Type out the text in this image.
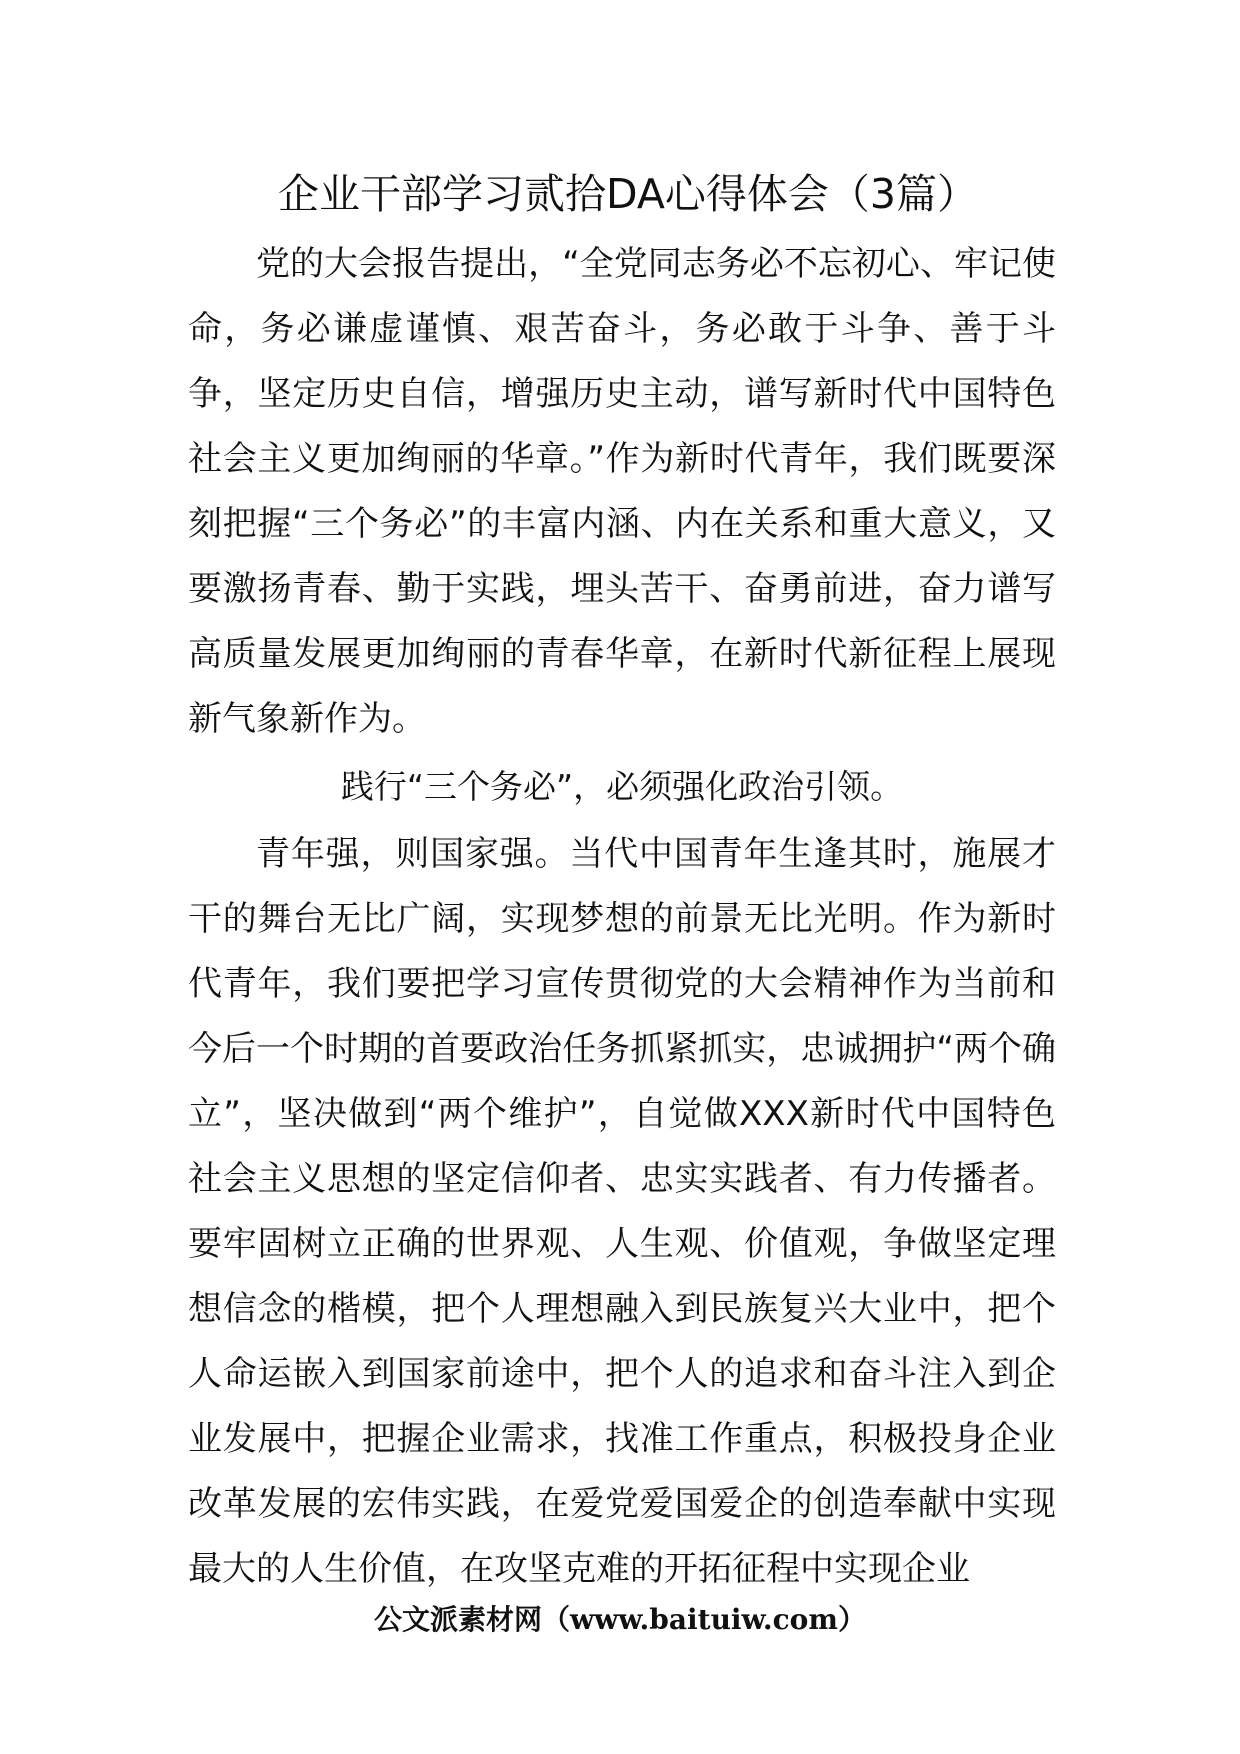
企业干部学习贰拾DA心得体会（3篇）

党的大会报告提出，“全党同志务必不忘初心、牢记使命，务必谦虚谨慎、艰苦奋斗，务必敢于斗争、善于斗争，坚定历史自信，增强历史主动，谱写新时代中国特色社会主义更加绚丽的华章。”作为新时代青年，我们既要深刻把握“三个务必”的丰富内涵、内在关系和重大意义，又要激扬青春、勤于实践，埋头苦干、奋勇前进，奋力谱写高质量发展更加绚丽的青春华章，在新时代新征程上展现新气象新作为。

践行“三个务必”，必须强化政治引领。

青年强，则国家强。当代中国青年生逢其时，施展才干的舞台无比广阔，实现梦想的前景无比光明。作为新时代青年，我们要把学习宣传贯彻党的大会精神作为当前和今后一个时期的首要政治任务抓紧抓实，忠诚拥护“两个确立”，坚决做到“两个维护”，自觉做XXX新时代中国特色社会主义思想的坚定信仰者、忠实实践者、有力传播者。要牢固树立正确的世界观、人生观、价值观，争做坚定理想信念的楷模，把个人理想融入到民族复兴大业中，把个人命运嵌入到国家前途中，把个人的追求和奋斗注入到企业发展中，把握企业需求，找准工作重点，积极投身企业改革发展的宏伟实践，在爱党爱国爱企的创造奉献中实现最大的人生价值，在攻坚克难的开拓征程中实现企业

公文派素材网（www.baituiw.com）
